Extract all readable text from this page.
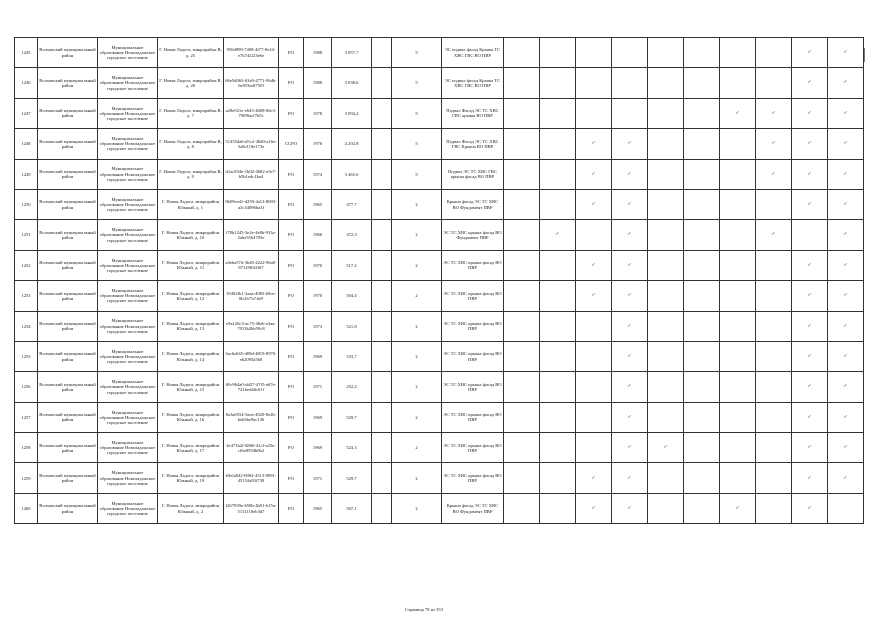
1245	Волховский муниципальный район	Муниципальное образование Новоладожское городское поселение	Г. Новая Ладога, микрорайон В, д. 25	956d999-7408-4f77-8e24-e7b74f223e6e	РО	1988	3 057,7		5	ЭС подвал фасад Крыша ТС ХВС ГВС ВО ПВР									✓	✓	
1246	Волховский муниципальный район	Муниципальное образование Новоладожское городское поселение	Г. Новая Ладога, микрорайон В, д. 26	66e5d063-63a9-4771-96db-6e053edf75f9	РО	1988	3 038,6		5	ЭС подвал фасад Крыша ТС ХВС ГВС ВО ПВР									✓	✓	
1247	Волховский муниципальный район	Муниципальное образование Новоладожское городское поселение	Г. Новая Ладога, микрорайон В, д. 7	a28e921e-e643-4608-8dc3-79f09acf7b5c	РО	1978	3 094,2		5	Подвал Фасад ЭС ТС ХВС ГВС крыша ВО ПВР							✓	✓	✓	✓	
1248	Волховский муниципальный район	Муниципальное образование Новоладожское городское поселение	Г. Новая Ладога, микрорайон В, д. 8	51455da6-d5c2-40d0-a16e-5a8e118e173e	ССРО	1976	4 292,8		5	Подвал Фасад ЭС ТС ХВС ГВС Крыша ВО ПВР			✓	✓				✓	✓	✓	
1249	Волховский муниципальный район	Муниципальное образование Новоладожское городское поселение	Г. Новая Ладога, микрорайон В, д. 9	d1ac834e-1b02-4682-a5e7-b5b1edc1ba4	РО	1974	3 465,6		5	Подвал ЭС ТС ХВС ГВС крыша фасад ВО ПВР			✓	✓				✓	✓	✓	
1250	Волховский муниципальный район	Муниципальное образование Новоладожское городское поселение	Г. Новая Ладога, микрорайон Южный, д. 1	8b09ea41-d259-4a12-8003-a3c34096ba3f	РО	1965	477,7		2	Крыша фасад ЭС ТС ХВС ВО Фундамент ПВР			✓	✓					✓	✓	
1251	Волховский муниципальный район	Муниципальное образование Новоладожское городское поселение	Г. Новая Ладога, микрорайон Южный, д. 10	f78b1245-3e2e-4e8b-933a-2abe5564703e	РО	1966	472,3		2	ЭС ТС ХВС крыша фасад ВО Фундамент ПВР		✓		✓				✓		✓	
1252	Волховский муниципальный район	Муниципальное образование Новоладожское городское поселение	Г. Новая Ладога, микрорайон Южный, д. 11	a4eba57d-3b40-4222-96a8-871290ff2f67	РО	1970	517,2		2	ЭС ТС ХВС крыша фасад ВО ПВР			✓	✓					✓	✓	
1253	Волховский муниципальный район	Муниципальное образование Новоладожское городское поселение	Г. Новая Ладога, микрорайон Южный, д. 12	19402fb1-2aaa-4983-b9ce-0b41f7a74e9	РО	1970	504,4		2	ЭС ТС ХВС крыша фасад ВО ПВР			✓	✓					✓	✓	
1254	Волховский муниципальный район	Муниципальное образование Новоладожское городское поселение	Г. Новая Ладога, микрорайон Южный, д. 13	e9a126c3-ac75-46eb-a3aa-7013b2bb59c8	РО	1973	521,8		2	ЭС ТС ХВС крыша фасад ВО ПВР				✓					✓	✓	
1255	Волховский муниципальный район	Муниципальное образование Новоладожское городское поселение	Г. Новая Ладога, микрорайон Южный, д. 14	3ac6a045-d09d-4819-8970-eb2095a5b0	РО	1969	533,7		2	ЭС ТС ХВС крыша фасад ВО ПВР				✓					✓	✓	
1256	Волховский муниципальный район	Муниципальное образование Новоладожское городское поселение	Г. Новая Ладога, микрорайон Южный, д. 15	69c964a0-dd27-47f5-a67e-721bed4dc61f	РО	1971	252,2		2	ЭС ТС ХВС крыша фасад ВО ПВР				✓					✓	✓	
1257	Волховский муниципальный район	Муниципальное образование Новоладожское городское поселение	Г. Новая Ладога, микрорайон Южный, д. 16	8a3a0554-5aea-4920-8e2b-beb5be9ac136	РО	1969	529,7		2	ЭС ТС ХВС крыша фасад ВО ПВР				✓					✓	✓	
1258	Волховский муниципальный район	Муниципальное образование Новоладожское городское поселение	Г. Новая Ладога, микрорайон Южный, д. 17	4e471b2f-6860-41cf-a25e-cf6e8594b0b2	РО	1969	523,3		2	ЭС ТС ХВС крыша фасад ВО ПВР				✓	✓				✓	✓	
1259	Волховский муниципальный район	Муниципальное образование Новоладожское городское поселение	Г. Новая Ладога, микрорайон Южный, д. 19	b9efa842-6982-4513-8091-45154a93f738	РО	1971	529,7		2	ЭС ТС ХВС крыша фасад ВО ПВР			✓	✓					✓	✓	
1260	Волховский муниципальный район	Муниципальное образование Новоладожское городское поселение	Г. Новая Ладога, микрорайон Южный, д. 2	f267939e-658b-4b91-b15a-5131118eb3d7	РО	1965	507,1		2	Крыша фасад ЭС ТС ХВС ВО Фундамент ПВР			✓	✓			✓		✓		
Страница 78 из 353
